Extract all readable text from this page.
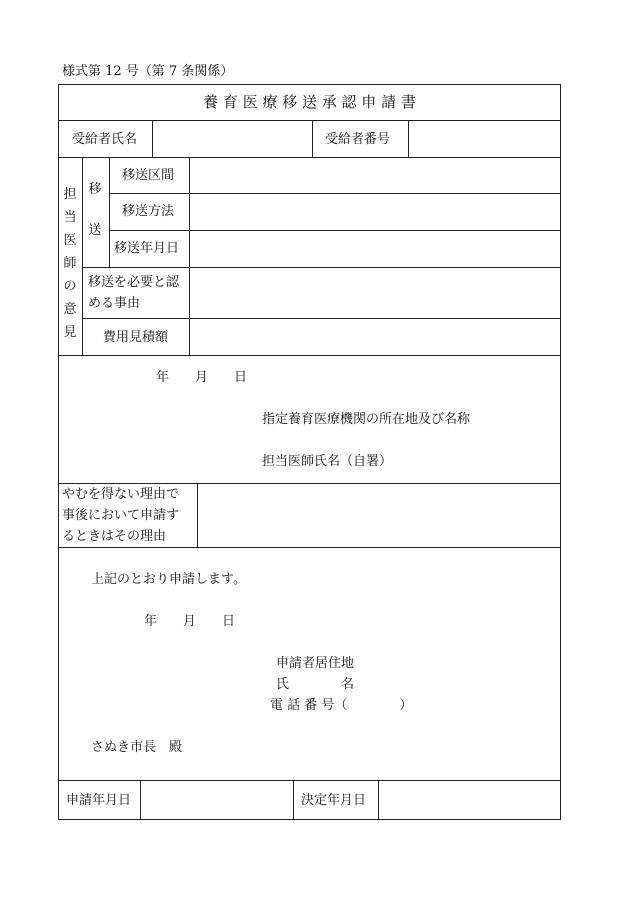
様式第 12 号（第 7 条関係）
養 育 医 療 移 送 承 認 申 請 書
受給者氏名	受給者番号
担
当
医
師
の
意
見
移
送
移送区間
移送方法
移送年月日
移送を必要と認
める事由
費用見積額
年　　月　　日
指定養育医療機関の所在地及び名称
担当医師氏名（自署）
やむを得ない理由で
事後において申請す
るときはその理由
上記のとおり申請します。
年　　月　　日
申請者居住地
氏　　　　名
電 話 番 号（　　　　）
さぬき市長　殿
申請年月日	決定年月日
